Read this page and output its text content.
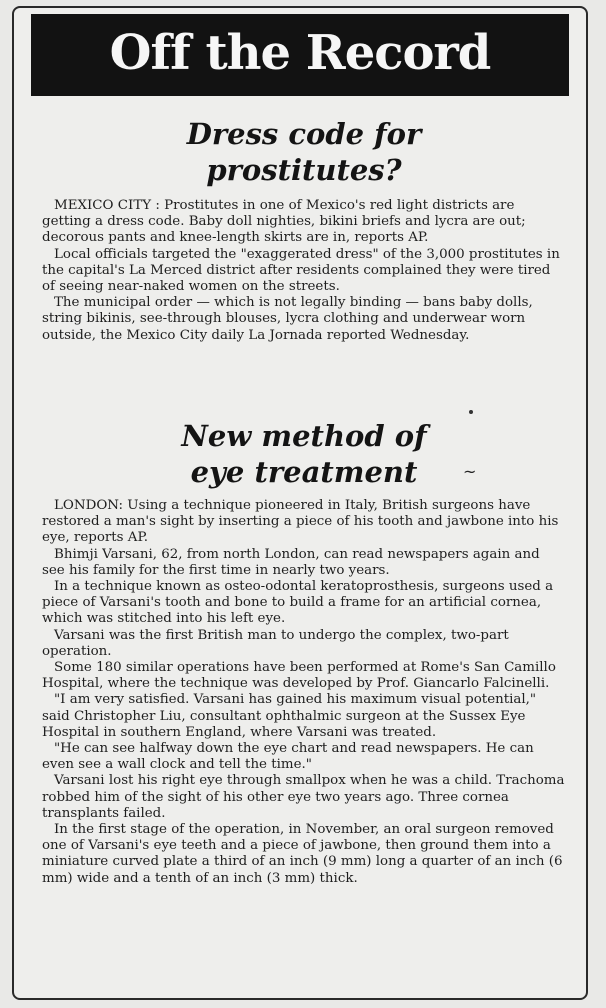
Off the Record
Dress code for
prostitutes?

MEXICO CITY : Prostitutes in one of Mexico's red light districts are getting a dress code. Baby doll nighties, bikini briefs and lycra are out; decorous pants and knee-length skirts are in, reports AP.

Local officials targeted the "exaggerated dress" of the 3,000 prostitutes in the capital's La Merced district after residents complained they were tired of seeing near-naked women on the streets.

The municipal order — which is not legally binding — bans baby dolls, string bikinis, see-through blouses, lycra clothing and underwear worn outside, the Mexico City daily La Jornada reported Wednesday.

New method of
eye treatment

LONDON: Using a technique pioneered in Italy, British surgeons have restored a man's sight by inserting a piece of his tooth and jawbone into his eye, reports AP.

Bhimji Varsani, 62, from north London, can read newspapers again and see his family for the first time in nearly two years.

In a technique known as osteo-odontal keratoprosthesis, surgeons used a piece of Varsani's tooth and bone to build a frame for an artificial cornea, which was stitched into his left eye.

Varsani was the first British man to undergo the complex, two-part operation.

Some 180 similar operations have been performed at Rome's San Camillo Hospital, where the technique was developed by Prof. Giancarlo Falcinelli.

"I am very satisfied. Varsani has gained his maximum visual potential," said Christopher Liu, consultant ophthalmic surgeon at the Sussex Eye Hospital in southern England, where Varsani was treated.

"He can see halfway down the eye chart and read newspapers. He can even see a wall clock and tell the time."

Varsani lost his right eye through smallpox when he was a child. Trachoma robbed him of the sight of his other eye two years ago. Three cornea transplants failed.

In the first stage of the operation, in November, an oral surgeon removed one of Varsani's eye teeth and a piece of jawbone, then ground them into a miniature curved plate a third of an inch (9 mm) long a quarter of an inch (6 mm) wide and a tenth of an inch (3 mm) thick.

~
